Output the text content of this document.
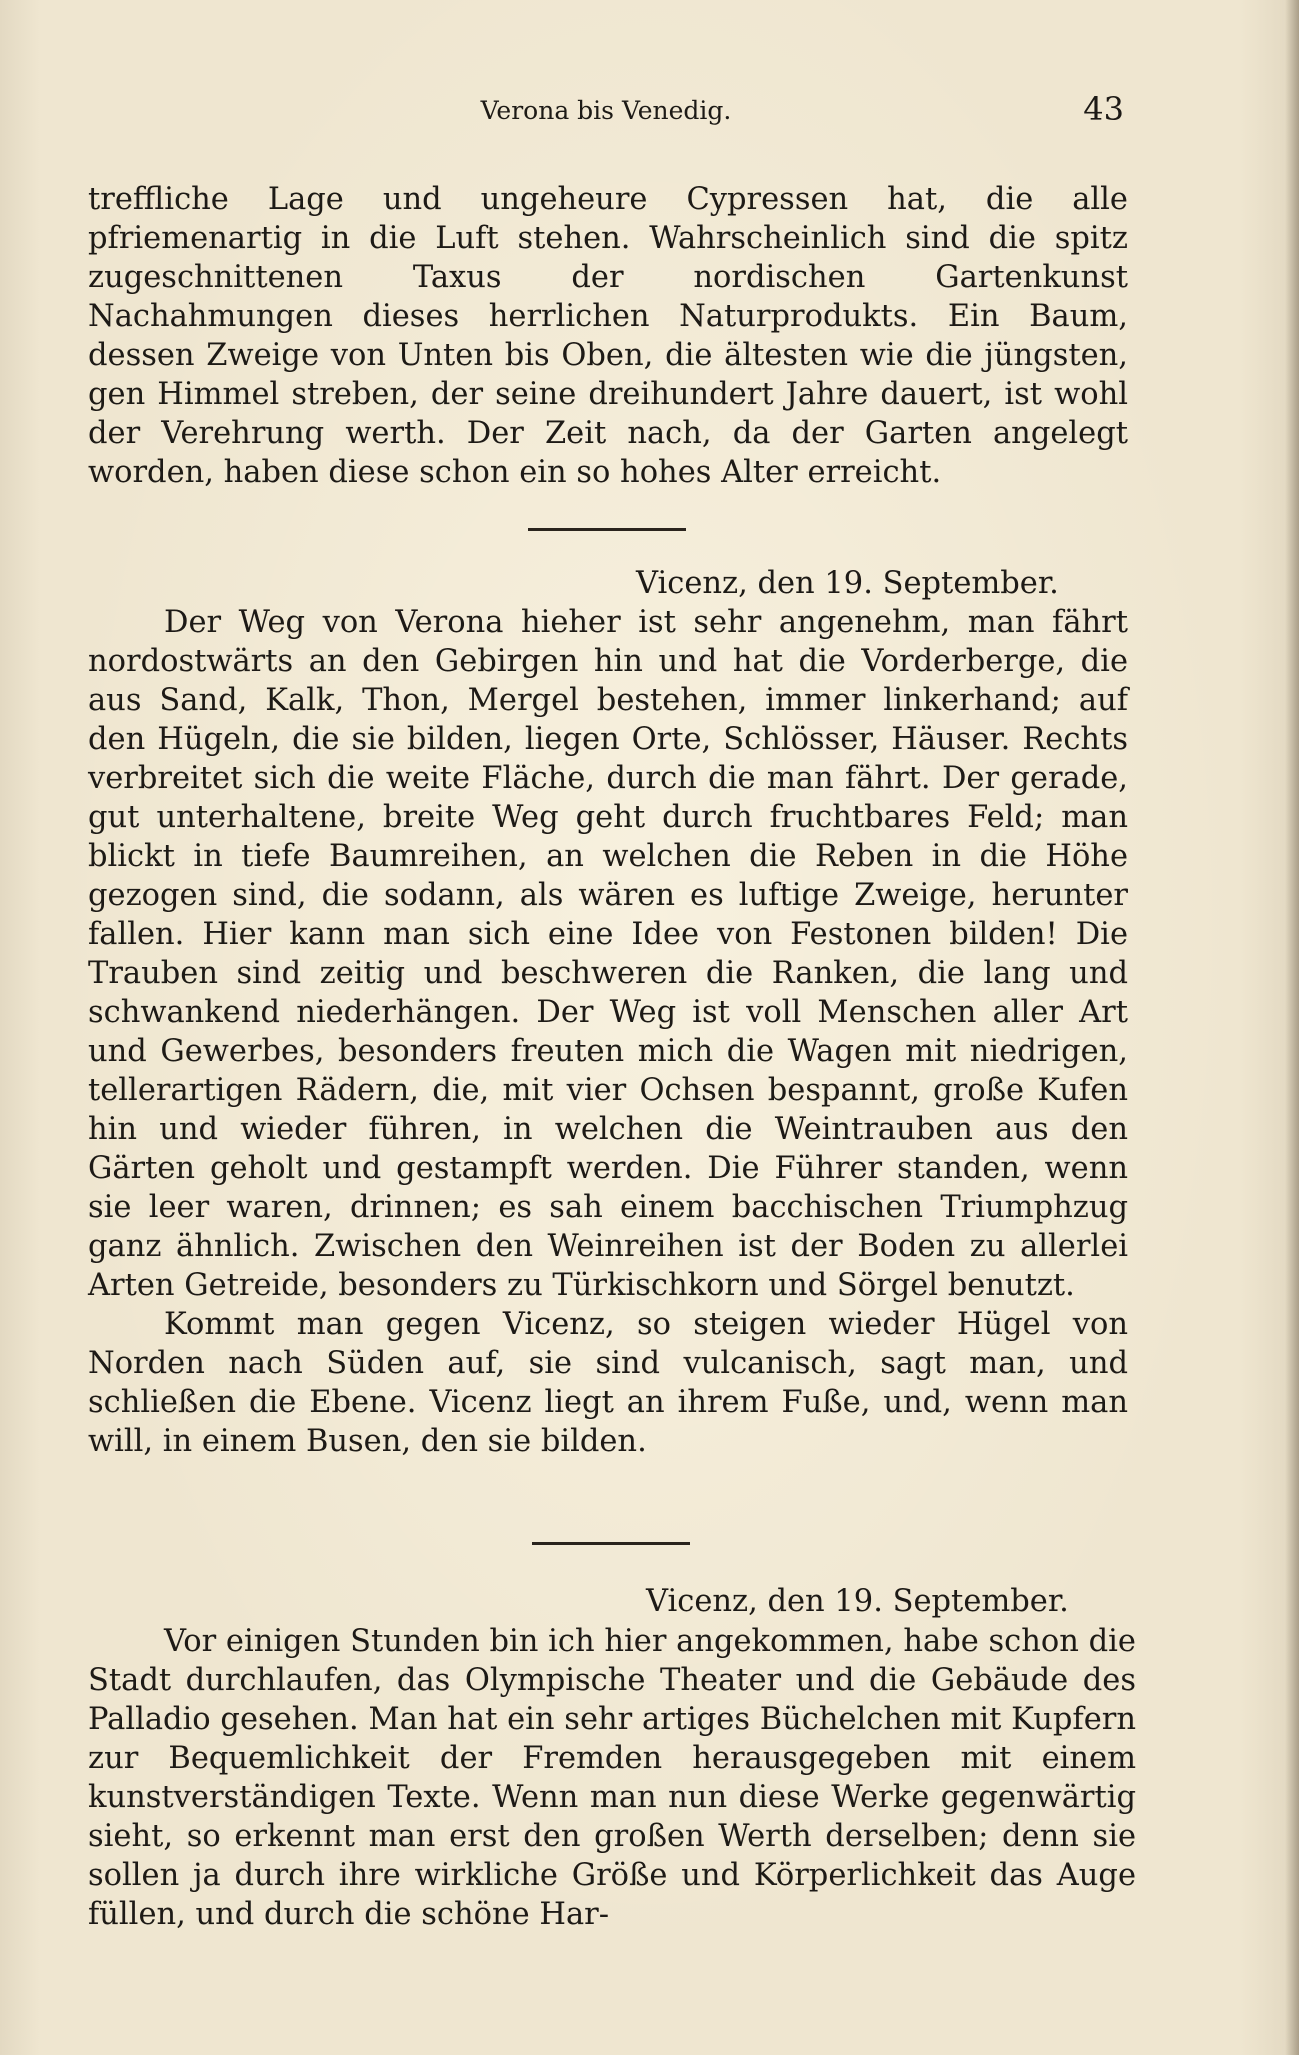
Verona bis Venedig.	43

treffliche Lage und ungeheure Cypressen hat, die alle pfriemenartig in die Luft stehen. Wahrscheinlich sind die spitz zugeschnittenen Taxus der nordischen Gartenkunst Nachahmungen dieses herrlichen Naturprodukts. Ein Baum, dessen Zweige von Unten bis Oben, die ältesten wie die jüngsten, gen Himmel streben, der seine dreihundert Jahre dauert, ist wohl der Verehrung werth. Der Zeit nach, da der Garten angelegt worden, haben diese schon ein so hohes Alter erreicht.

Vicenz, den 19. September.

Der Weg von Verona hieher ist sehr angenehm, man fährt nordostwärts an den Gebirgen hin und hat die Vorderberge, die aus Sand, Kalk, Thon, Mergel bestehen, immer linkerhand; auf den Hügeln, die sie bilden, liegen Orte, Schlösser, Häuser. Rechts verbreitet sich die weite Fläche, durch die man fährt. Der gerade, gut unterhaltene, breite Weg geht durch fruchtbares Feld; man blickt in tiefe Baumreihen, an welchen die Reben in die Höhe gezogen sind, die sodann, als wären es luftige Zweige, herunter fallen. Hier kann man sich eine Idee von Festonen bilden! Die Trauben sind zeitig und beschweren die Ranken, die lang und schwankend niederhängen. Der Weg ist voll Menschen aller Art und Gewerbes, besonders freuten mich die Wagen mit niedrigen, tellerartigen Rädern, die, mit vier Ochsen bespannt, große Kufen hin und wieder führen, in welchen die Weintrauben aus den Gärten geholt und gestampft werden. Die Führer standen, wenn sie leer waren, drinnen; es sah einem bacchischen Triumphzug ganz ähnlich. Zwischen den Weinreihen ist der Boden zu allerlei Arten Getreide, besonders zu Türkischkorn und Sörgel benutzt.

Kommt man gegen Vicenz, so steigen wieder Hügel von Norden nach Süden auf, sie sind vulcanisch, sagt man, und schließen die Ebene. Vicenz liegt an ihrem Fuße, und, wenn man will, in einem Busen, den sie bilden.

Vicenz, den 19. September.

Vor einigen Stunden bin ich hier angekommen, habe schon die Stadt durchlaufen, das Olympische Theater und die Gebäude des Palladio gesehen. Man hat ein sehr artiges Büchelchen mit Kupfern zur Bequemlichkeit der Fremden herausgegeben mit einem kunstverständigen Texte. Wenn man nun diese Werke gegenwärtig sieht, so erkennt man erst den großen Werth derselben; denn sie sollen ja durch ihre wirkliche Größe und Körperlichkeit das Auge füllen, und durch die schöne Har-
